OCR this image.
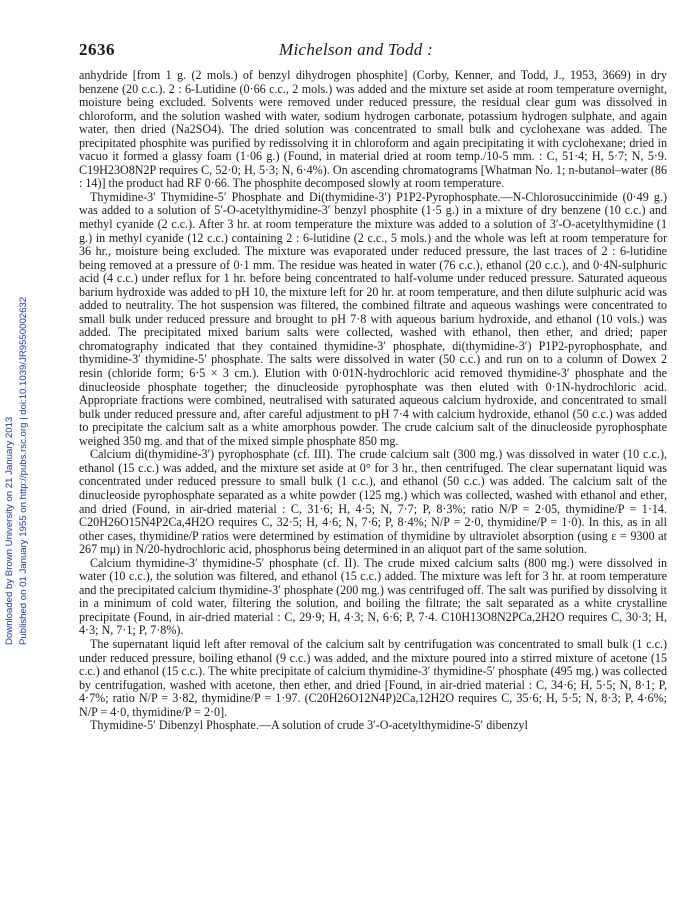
2636	Michelson and Todd :
Downloaded by Brown University on 21 January 2013 Published on 01 January 1955 on http://pubs.rsc.org | doi:10.1039/JR9550002632

anhydride [from 1 g. (2 mols.) of benzyl dihydrogen phosphite] (Corby, Kenner, and Todd, J., 1953, 3669) in dry benzene (20 c.c.). 2 : 6-Lutidine (0·66 c.c., 2 mols.) was added and the mixture set aside at room temperature overnight, moisture being excluded. Solvents were removed under reduced pressure, the residual clear gum was dissolved in chloroform, and the solution washed with water, sodium hydrogen carbonate, potassium hydrogen sulphate, and again water, then dried (Na2SO4). The dried solution was concentrated to small bulk and cyclohexane was added. The precipitated phosphite was purified by redissolving it in chloroform and again precipitating it with cyclohexane; dried in vacuo it formed a glassy foam (1·06 g.) (Found, in material dried at room temp./10-5 mm. : C, 51·4; H, 5·7; N, 5·9. C19H23O8N2P requires C, 52·0; H, 5·3; N, 6·4%). On ascending chromatograms [Whatman No. 1; n-butanol–water (86 : 14)] the product had RF 0·66. The phosphite decomposed slowly at room temperature.

Thymidine-3′ Thymidine-5′ Phosphate and Di(thymidine-3′) P1P2-Pyrophosphate.—N-Chlorosuccinimide (0·49 g.) was added to a solution of 5′-O-acetylthymidine-3′ benzyl phosphite (1·5 g.) in a mixture of dry benzene (10 c.c.) and methyl cyanide (2 c.c.). After 3 hr. at room temperature the mixture was added to a solution of 3′-O-acetylthymidine (1 g.) in methyl cyanide (12 c.c.) containing 2 : 6-lutidine (2 c.c., 5 mols.) and the whole was left at room temperature for 36 hr., moisture being excluded. The mixture was evaporated under reduced pressure, the last traces of 2 : 6-lutidine being removed at a pressure of 0·1 mm. The residue was heated in water (76 c.c.), ethanol (20 c.c.), and 0·4N-sulphuric acid (4 c.c.) under reflux for 1 hr. before being concentrated to half-volume under reduced pressure. Saturated aqueous barium hydroxide was added to pH 10, the mixture left for 20 hr. at room temperature, and then dilute sulphuric acid was added to neutrality. The hot suspension was filtered, the combined filtrate and aqueous washings were concentrated to small bulk under reduced pressure and brought to pH 7·8 with aqueous barium hydroxide, and ethanol (10 vols.) was added. The precipitated mixed barium salts were collected, washed with ethanol, then ether, and dried; paper chromatography indicated that they contained thymidine-3′ phosphate, di(thymidine-3′) P1P2-pyrophosphate, and thymidine-3′ thymidine-5′ phosphate. The salts were dissolved in water (50 c.c.) and run on to a column of Dowex 2 resin (chloride form; 6·5 × 3 cm.). Elution with 0·01N-hydrochloric acid removed thymidine-3′ phosphate and the dinucleoside phosphate together; the dinucleoside pyrophosphate was then eluted with 0·1N-hydrochloric acid. Appropriate fractions were combined, neutralised with saturated aqueous calcium hydroxide, and concentrated to small bulk under reduced pressure and, after careful adjustment to pH 7·4 with calcium hydroxide, ethanol (50 c.c.) was added to precipitate the calcium salt as a white amorphous powder. The crude calcium salt of the dinucleoside pyrophosphate weighed 350 mg. and that of the mixed simple phosphate 850 mg.

Calcium di(thymidine-3′) pyrophosphate (cf. III). The crude calcium salt (300 mg.) was dissolved in water (10 c.c.), ethanol (15 c.c.) was added, and the mixture set aside at 0° for 3 hr., then centrifuged. The clear supernatant liquid was concentrated under reduced pressure to small bulk (1 c.c.), and ethanol (50 c.c.) was added. The calcium salt of the dinucleoside pyrophosphate separated as a white powder (125 mg.) which was collected, washed with ethanol and ether, and dried (Found, in air-dried material : C, 31·6; H, 4·5; N, 7·7; P, 8·3%; ratio N/P = 2·05, thymidine/P = 1·14. C20H26O15N4P2Ca,4H2O requires C, 32·5; H, 4·6; N, 7·6; P, 8·4%; N/P = 2·0, thymidine/P = 1·0). In this, as in all other cases, thymidine/P ratios were determined by estimation of thymidine by ultraviolet absorption (using ε = 9300 at 267 mμ) in N/20-hydrochloric acid, phosphorus being determined in an aliquot part of the same solution.

Calcium thymidine-3′ thymidine-5′ phosphate (cf. II). The crude mixed calcium salts (800 mg.) were dissolved in water (10 c.c.), the solution was filtered, and ethanol (15 c.c.) added. The mixture was left for 3 hr. at room temperature and the precipitated calcium thymidine-3′ phosphate (200 mg.) was centrifuged off. The salt was purified by dissolving it in a minimum of cold water, filtering the solution, and boiling the filtrate; the salt separated as a white crystalline precipitate (Found, in air-dried material : C, 29·9; H, 4·3; N, 6·6; P, 7·4. C10H13O8N2PCa,2H2O requires C, 30·3; H, 4·3; N, 7·1; P, 7·8%).

The supernatant liquid left after removal of the calcium salt by centrifugation was concentrated to small bulk (1 c.c.) under reduced pressure, boiling ethanol (9 c.c.) was added, and the mixture poured into a stirred mixture of acetone (15 c.c.) and ethanol (15 c.c.). The white precipitate of calcium thymidine-3′ thymidine-5′ phosphate (495 mg.) was collected by centrifugation, washed with acetone, then ether, and dried [Found, in air-dried material : C, 34·6; H, 5·5; N, 8·1; P, 4·7%; ratio N/P = 3·82, thymidine/P = 1·97. (C20H26O12N4P)2Ca,12H2O requires C, 35·6; H, 5·5; N, 8·3; P, 4·6%; N/P = 4·0, thymidine/P = 2·0].

Thymidine-5′ Dibenzyl Phosphate.—A solution of crude 3′-O-acetylthymidine-5′ dibenzyl
